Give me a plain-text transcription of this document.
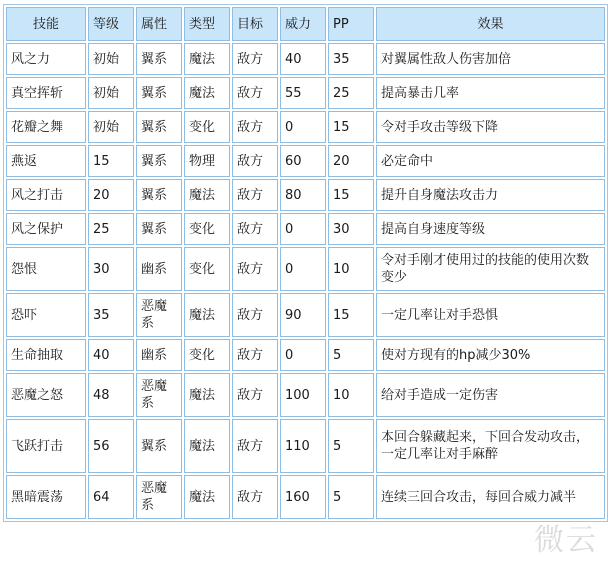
技能	等级	属性	类型	目标	威力	PP	效果
风之力	初始	翼系	魔法	敌方	40	35	对翼属性敌人伤害加倍
真空挥斩	初始	翼系	魔法	敌方	55	25	提高暴击几率
花瓣之舞	初始	翼系	变化	敌方	0	15	令对手攻击等级下降
燕返	15	翼系	物理	敌方	60	20	必定命中
风之打击	20	翼系	魔法	敌方	80	15	提升自身魔法攻击力
风之保护	25	翼系	变化	敌方	0	30	提高自身速度等级
怨恨	30	幽系	变化	敌方	0	10	令对手刚才使用过的技能的使用次数变少
恐吓	35	恶魔系	魔法	敌方	90	15	一定几率让对手恐惧
生命抽取	40	幽系	变化	敌方	0	5	使对方现有的hp减少30%
恶魔之怒	48	恶魔系	魔法	敌方	100	10	给对手造成一定伤害
飞跃打击	56	翼系	魔法	敌方	110	5	本回合躲藏起来，下回合发动攻击，一定几率让对手麻醉
黑暗震荡	64	恶魔系	魔法	敌方	160	5	连续三回合攻击，每回合威力减半
微云
